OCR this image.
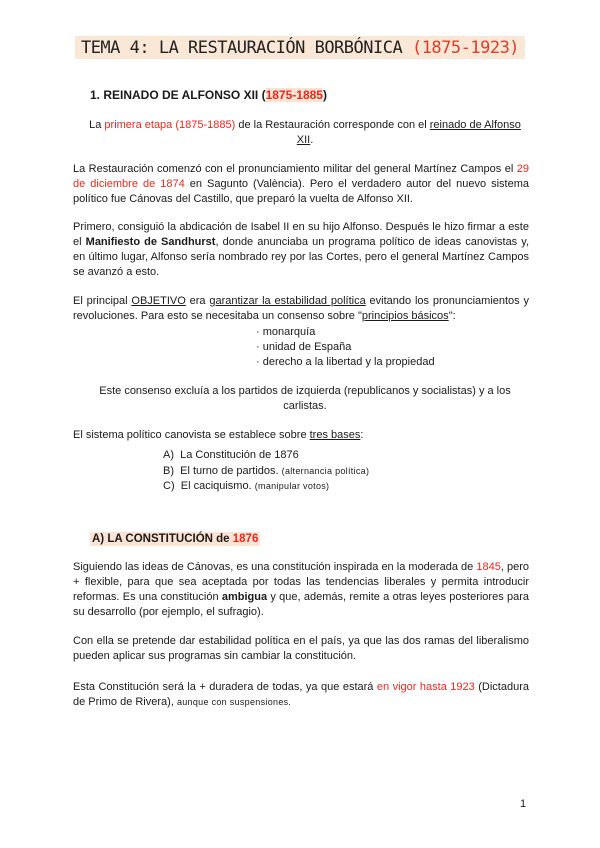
TEMA 4: LA RESTAURACIÓN BORBÓNICA (1875-1923)
1. REINADO DE ALFONSO XII (1875-1885)
La primera etapa (1875-1885) de la Restauración corresponde con el reinado de Alfonso XII.
La Restauración comenzó con el pronunciamiento militar del general Martínez Campos el 29 de diciembre de 1874 en Sagunto (València). Pero el verdadero autor del nuevo sistema político fue Cánovas del Castillo, que preparó la vuelta de Alfonso XII.
Primero, consiguió la abdicación de Isabel II en su hijo Alfonso. Después le hizo firmar a este el Manifiesto de Sandhurst, donde anunciaba un programa político de ideas canovistas y, en último lugar, Alfonso sería nombrado rey por las Cortes, pero el general Martínez Campos se avanzó a esto.
El principal OBJETIVO era garantizar la estabilidad política evitando los pronunciamientos y revoluciones. Para esto se necesitaba un consenso sobre "principios básicos":
· monarquía
· unidad de España
· derecho a la libertad y la propiedad
Este consenso excluía a los partidos de izquierda (republicanos y socialistas) y a los carlistas.
El sistema político canovista se establece sobre tres bases:
A) La Constitución de 1876
B) El turno de partidos. (alternancia política)
C) El caciquismo. (manipular votos)
A) LA CONSTITUCIÓN de 1876
Siguiendo las ideas de Cánovas, es una constitución inspirada en la moderada de 1845, pero + flexible, para que sea aceptada por todas las tendencias liberales y permita introducir reformas. Es una constitución ambigua y que, además, remite a otras leyes posteriores para su desarrollo (por ejemplo, el sufragio).
Con ella se pretende dar estabilidad política en el país, ya que las dos ramas del liberalismo pueden aplicar sus programas sin cambiar la constitución.
Esta Constitución será la + duradera de todas, ya que estará en vigor hasta 1923 (Dictadura de Primo de Rivera), aunque con suspensiones.
1
